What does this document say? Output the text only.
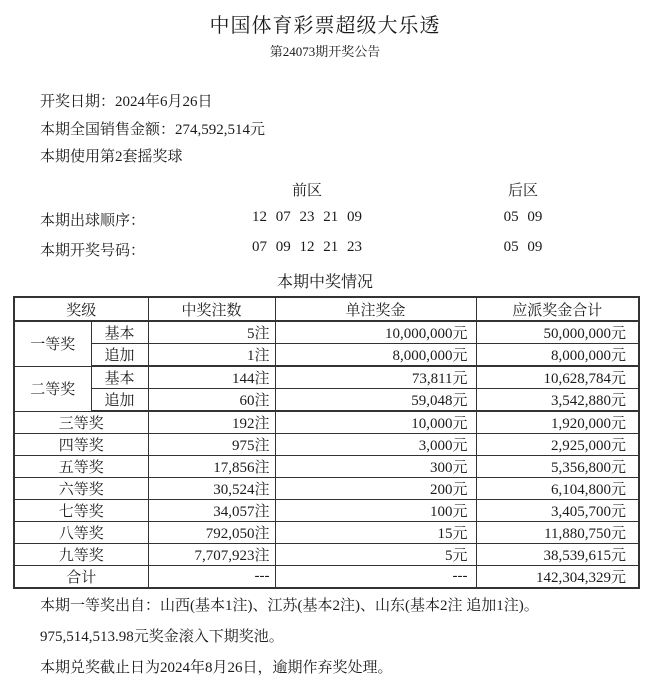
中国体育彩票超级大乐透
第24073期开奖公告
开奖日期：2024年6月26日
本期全国销售金额：274,592,514元
本期使用第2套摇奖球
前区	后区
本期出球顺序：	12 07 23 21 09	05 09
本期开奖号码：	07 09 12 21 23	05 09
本期中奖情况
奖级		中奖注数	单注奖金	应派奖金合计
一等奖	基本	5注	10,000,000元	50,000,000元
	追加	1注	8,000,000元	8,000,000元
二等奖	基本	144注	73,811元	10,628,784元
	追加	60注	59,048元	3,542,880元
三等奖		192注	10,000元	1,920,000元
四等奖		975注	3,000元	2,925,000元
五等奖		17,856注	300元	5,356,800元
六等奖		30,524注	200元	6,104,800元
七等奖		34,057注	100元	3,405,700元
八等奖		792,050注	15元	11,880,750元
九等奖		7,707,923注	5元	38,539,615元
合计		---	---	142,304,329元
本期一等奖出自：山西(基本1注)、江苏(基本2注)、山东(基本2注 追加1注)。
975,514,513.98元奖金滚入下期奖池。
本期兑奖截止日为2024年8月26日，逾期作弃奖处理。
